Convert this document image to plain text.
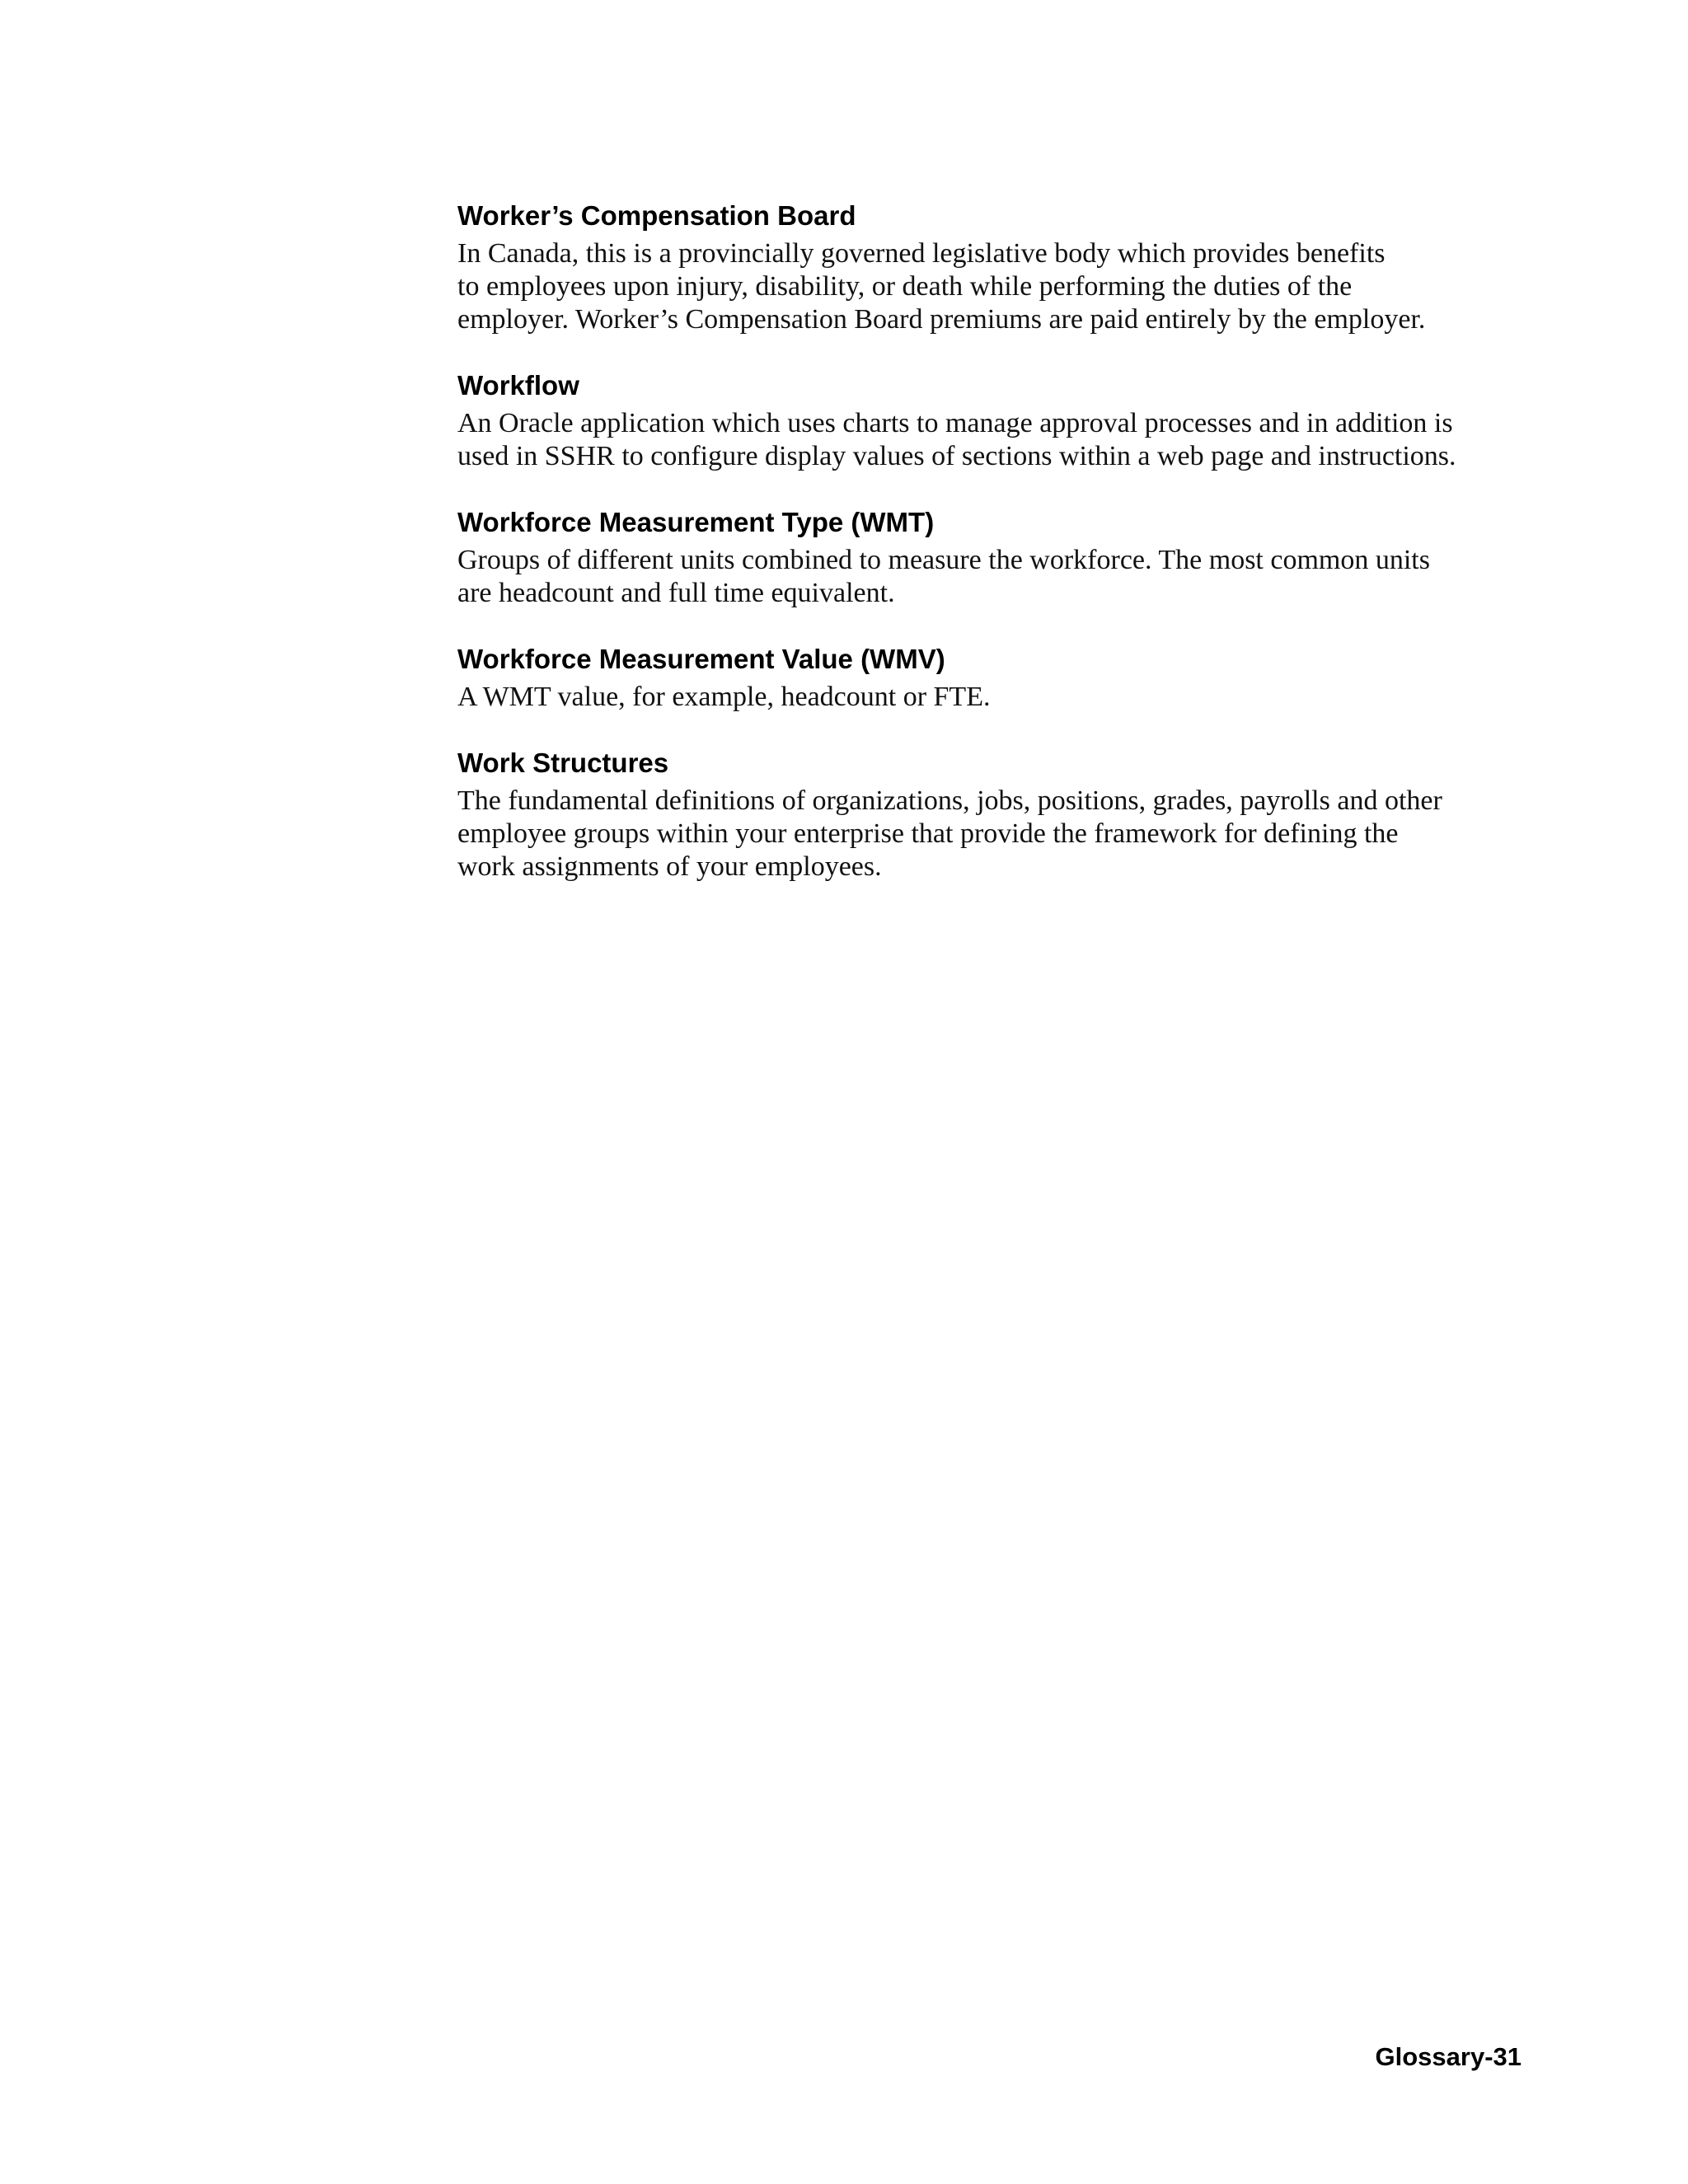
Worker’s Compensation Board

In Canada, this is a provincially governed legislative body which provides benefits
to employees upon injury, disability, or death while performing the duties of the
employer. Worker’s Compensation Board premiums are paid entirely by the employer.

Workflow

An Oracle application which uses charts to manage approval processes and in addition is
used in SSHR to configure display values of sections within a web page and instructions.

Workforce Measurement Type (WMT)

Groups of different units combined to measure the workforce. The most common units
are headcount and full time equivalent.

Workforce Measurement Value (WMV)

A WMT value, for example, headcount or FTE.

Work Structures

The fundamental definitions of organizations, jobs, positions, grades, payrolls and other
employee groups within your enterprise that provide the framework for defining the
work assignments of your employees.

Glossary-31
